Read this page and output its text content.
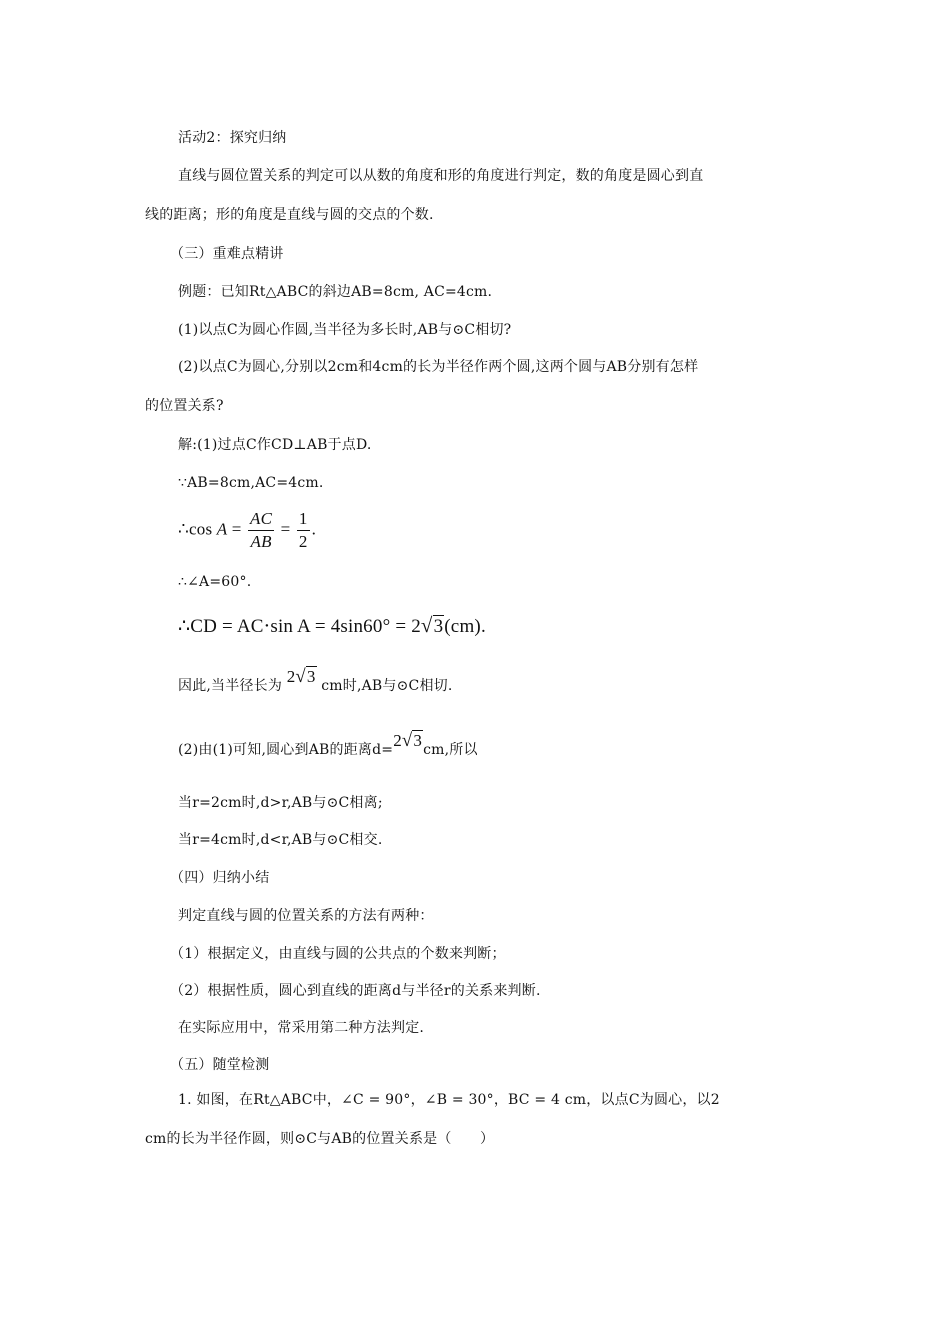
活动2：探究归纳
直线与圆位置关系的判定可以从数的角度和形的角度进行判定，数的角度是圆心到直
线的距离；形的角度是直线与圆的交点的个数.
（三）重难点精讲
例题：已知Rt△ABC的斜边AB=8cm, AC=4cm.
(1)以点C为圆心作圆,当半径为多长时,AB与⊙C相切?
(2)以点C为圆心,分别以2cm和4cm的长为半径作两个圆,这两个圆与AB分别有怎样
的位置关系?
解:(1)过点C作CD⊥AB于点D.
∵AB=8cm,AC=4cm.
∴cos $A = \frac{AC}{AB} = \frac{1}{2}$ .
∴∠A=60°.
∴CD = AC⋅sin A = 4sin60° = 2√3(cm).
因此,当半径长为 2√3 cm时,AB与⊙C相切.
(2)由(1)可知,圆心到AB的距离d=2√3cm,所以
当r=2cm时,d>r,AB与⊙C相离;
当r=4cm时,d<r,AB与⊙C相交.
（四）归纳小结
判定直线与圆的位置关系的方法有两种：
（1）根据定义，由直线与圆的公共点的个数来判断；
（2）根据性质，圆心到直线的距离d与半径r的关系来判断.
在实际应用中，常采用第二种方法判定.
（五）随堂检测
1. 如图，在Rt△ABC中，∠C = 90°，∠B = 30°，BC = 4 cm，以点C为圆心，以2
cm的长为半径作圆，则⊙C与AB的位置关系是（　　）
